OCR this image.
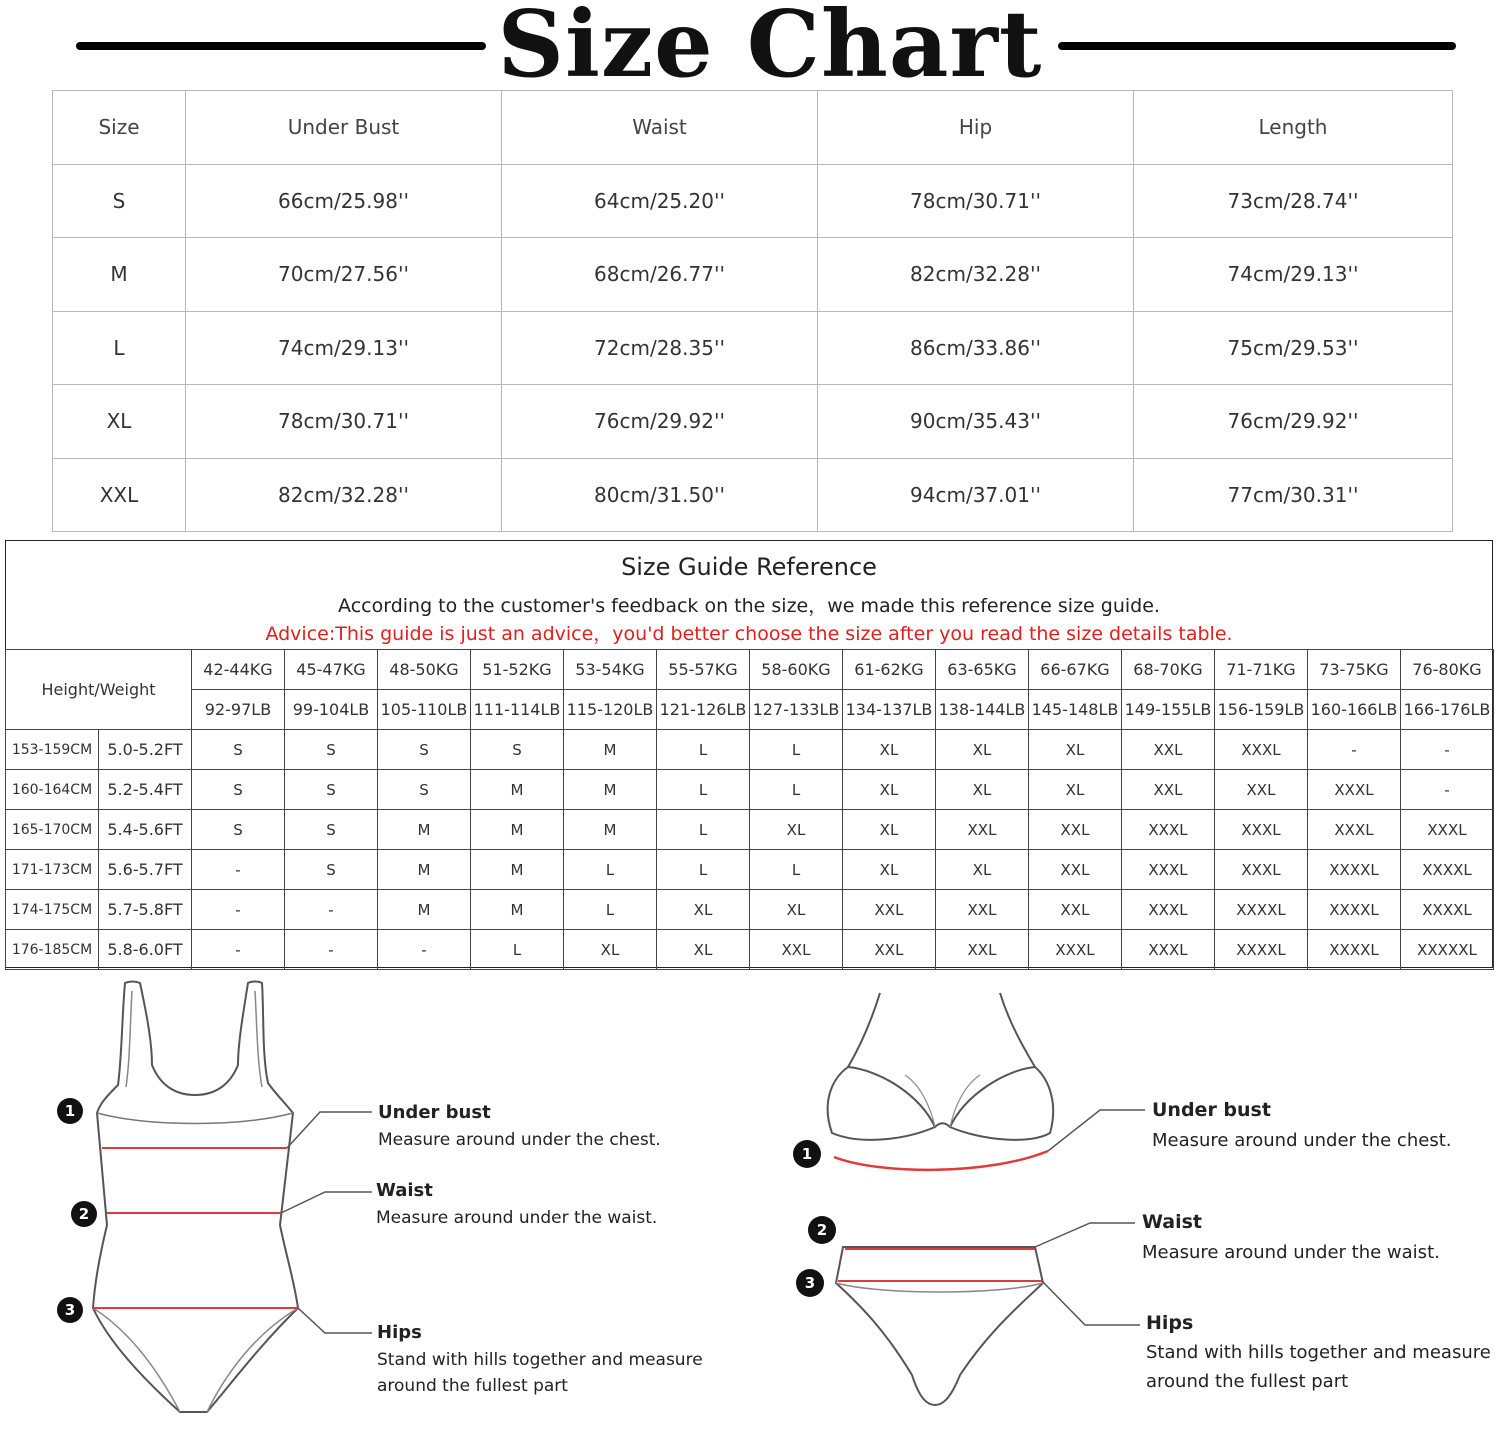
Size Chart
Size	Under Bust	Waist	Hip	Length
S	66cm/25.98''	64cm/25.20''	78cm/30.71''	73cm/28.74''
M	70cm/27.56''	68cm/26.77''	82cm/32.28''	74cm/29.13''
L	74cm/29.13''	72cm/28.35''	86cm/33.86''	75cm/29.53''
XL	78cm/30.71''	76cm/29.92''	90cm/35.43''	76cm/29.92''
XXL	82cm/32.28''	80cm/31.50''	94cm/37.01''	77cm/30.31''
Size Guide Reference
According to the customer's feedback on the size，we made this reference size guide.
Advice:This guide is just an advice，you'd better choose the size after you read the size details table.
Height/Weight		42-44KG	45-47KG	48-50KG	51-52KG	53-54KG	55-57KG	58-60KG	61-62KG	63-65KG	66-67KG	68-70KG	71-71KG	73-75KG	76-80KG
		92-97LB	99-104LB	105-110LB	111-114LB	115-120LB	121-126LB	127-133LB	134-137LB	138-144LB	145-148LB	149-155LB	156-159LB	160-166LB	166-176LB
153-159CM	5.0-5.2FT	S	S	S	S	M	L	L	XL	XL	XL	XXL	XXXL	-	-
160-164CM	5.2-5.4FT	S	S	S	M	M	L	L	XL	XL	XL	XXL	XXL	XXXL	-
165-170CM	5.4-5.6FT	S	S	M	M	M	L	XL	XL	XXL	XXL	XXXL	XXXL	XXXL	XXXL
171-173CM	5.6-5.7FT	-	S	M	M	L	L	L	XL	XL	XXL	XXXL	XXXL	XXXXL	XXXXL
174-175CM	5.7-5.8FT	-	-	M	M	L	XL	XL	XXL	XXL	XXL	XXXL	XXXXL	XXXXL	XXXXL
176-185CM	5.8-6.0FT	-	-	-	L	XL	XL	XXL	XXL	XXL	XXXL	XXXL	XXXXL	XXXXL	XXXXXL
1
2
3
1
2
3
Under bust
Measure around under the chest.
Waist
Measure around under the waist.
Hips
Stand with hills together and measure
around the fullest part
Under bust
Measure around under the chest.
Waist
Measure around under the waist.
Hips
Stand with hills together and measure
around the fullest part
